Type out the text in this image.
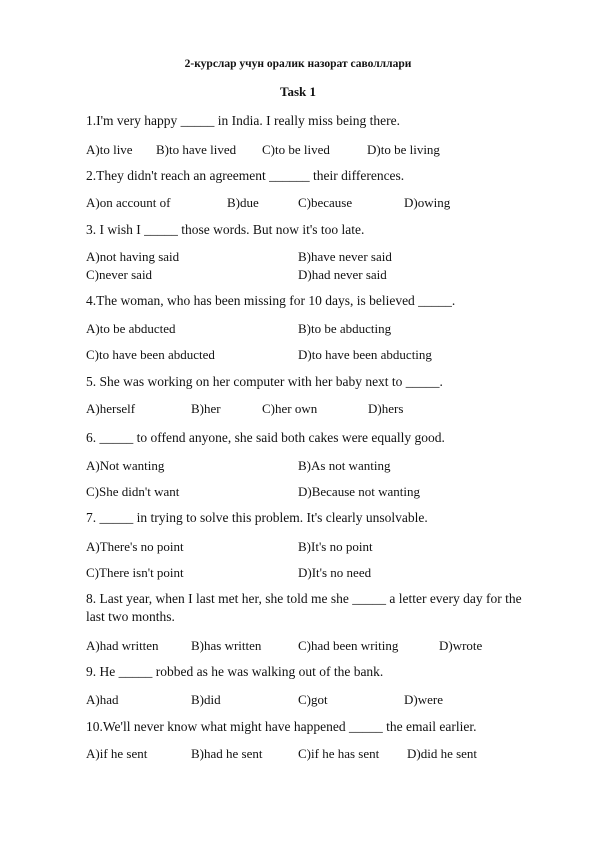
2-курслар учун оралик назорат саволллари
Task 1
1.I'm very happy _____ in India. I really miss being there.
A)to live B)to have lived C)to be lived	D)to be living
2.They didn't reach an agreement ______ their differences.
A)on account of	B)due	C)because	D)owing
3. I wish I _____ those words. But now it's too late.
A)not having said	B)have never said
C)never said	D)had never said
4.The woman, who has been missing for 10 days, is believed _____.
A)to be abducted	B)to be abducting
C)to have been abducted	D)to have been abducting
5. She was working on her computer with her baby next to _____.
A)herself	B)her	C)her own	D)hers
6. _____ to offend anyone, she said both cakes were equally good.
A)Not wanting	B)As not wanting
C)She didn't want	D)Because not wanting
7. _____ in trying to solve this problem. It's clearly unsolvable.
A)There's no point	B)It's no point
C)There isn't point	D)It's no need
8. Last year, when I last met her, she told me she _____ a letter every day for the
last two months.
A)had written B)has written	C)had been writing	D)wrote
9. He _____ robbed as he was walking out of the bank.
A)had	B)did	C)got	D)were
10.We'll never know what might have happened _____ the email earlier.
A)if he sent	B)had he sent	C)if he has sent D)did he sent
